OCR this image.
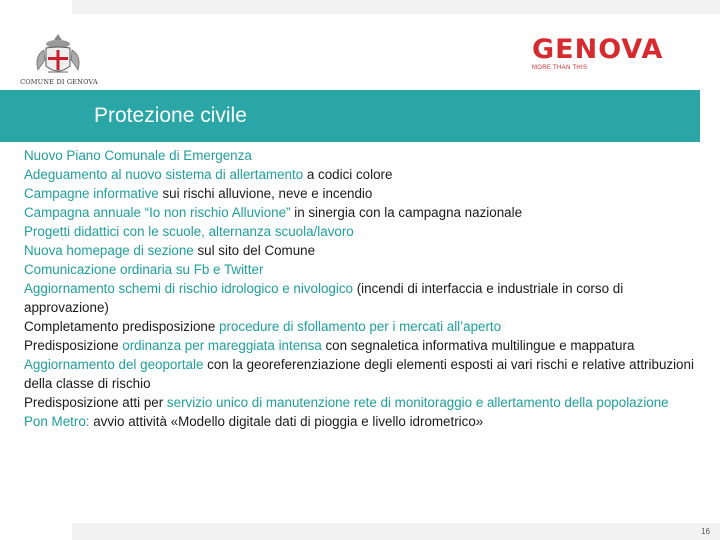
COMUNE DI GENOVA
GENOVA
MORE THAN THIS
Protezione civile
Nuovo Piano Comunale di Emergenza
Adeguamento al nuovo sistema di allertamento a codici colore
Campagne informative sui rischi alluvione, neve e incendio
Campagna annuale “Io non rischio Alluvione” in sinergia con la campagna nazionale
Progetti didattici con le scuole, alternanza scuola/lavoro
Nuova homepage di sezione sul sito del Comune
Comunicazione ordinaria su Fb e Twitter
Aggiornamento schemi di rischio idrologico e nivologico (incendi di interfaccia e industriale in corso di approvazione)
Completamento predisposizione procedure di sfollamento per i mercati all’aperto
Predisposizione ordinanza per mareggiata intensa con segnaletica informativa multilingue e mappatura
Aggiornamento del geoportale con la georeferenziazione degli elementi esposti ai vari rischi e relative attribuzioni della classe di rischio
Predisposizione atti per servizio unico di manutenzione rete di monitoraggio e allertamento della popolazione
Pon Metro: avvio attività «Modello digitale dati di pioggia e livello idrometrico»
16
